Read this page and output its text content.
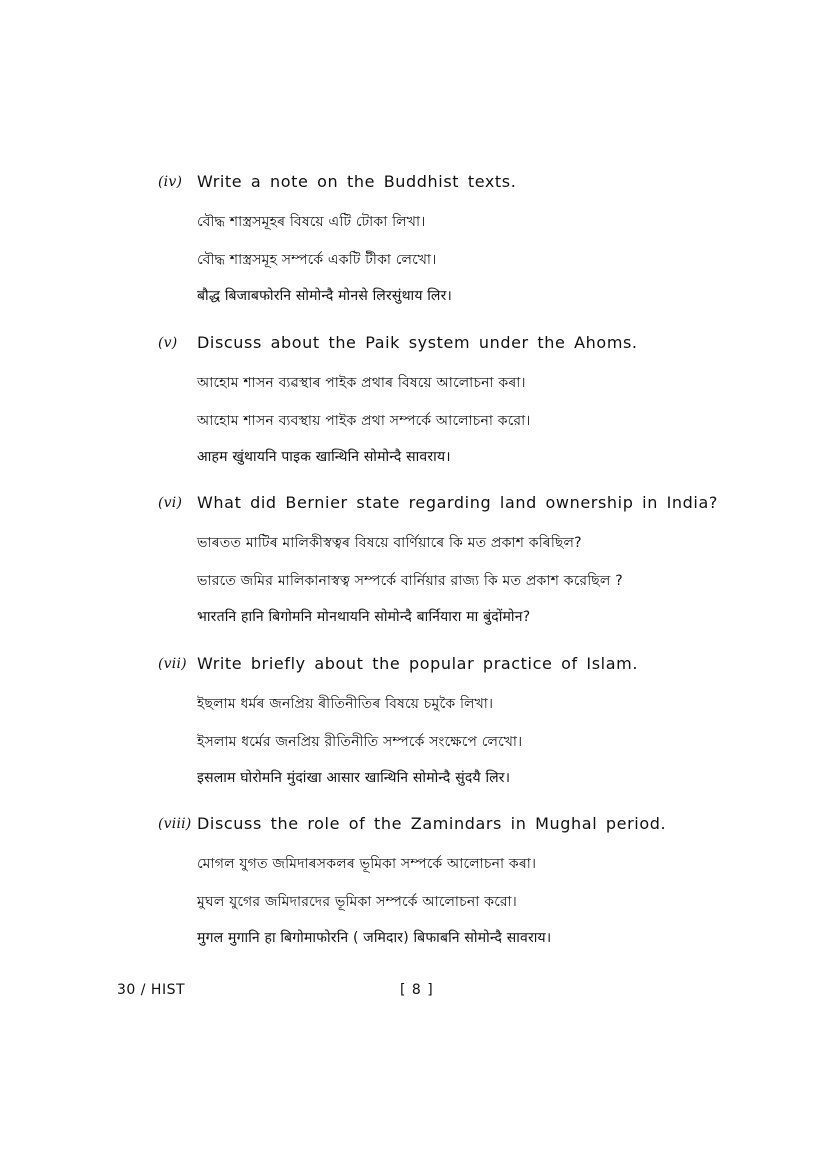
(iv) Write a note on the Buddhist texts.
বৌদ্ধ শাস্ত্ৰসমূহৰ বিষয়ে এটি টোকা লিখা।
বৌদ্ধ শাস্ত্রসমূহ সম্পর্কে একটি টীকা লেখো।
बौद्ध बिजाबफोरनि सोमोन्दै मोनसे लिरसुंथाय लिर।
(v) Discuss about the Paik system under the Ahoms.
আহোম শাসন ব্যৱস্থাৰ পাইক প্ৰথাৰ বিষয়ে আলোচনা কৰা।
আহোম শাসন ব্যবস্থায় পাইক প্রথা সম্পর্কে আলোচনা করো।
आहम खुंथायनि पाइक खान्थिनि सोमोन्दै सावराय।
(vi) What did Bernier state regarding land ownership in India?
ভাৰতত মাটিৰ মালিকীস্বত্বৰ বিষয়ে বাৰ্ণিয়াৰে কি মত প্ৰকাশ কৰিছিল?
ভারতে জমির মালিকানাস্বত্ব সম্পর্কে বার্নিয়ার রাজ্য কি মত প্রকাশ করেছিল ?
भारतनि हानि बिगोमनि मोनथायनि सोमोन्दै बार्नियारा मा बुंदोंमोन?
(vii) Write briefly about the popular practice of Islam.
ইছলাম ধৰ্মৰ জনপ্ৰিয় ৰীতিনীতিৰ বিষয়ে চমুকৈ লিখা।
ইসলাম ধর্মের জনপ্রিয় রীতিনীতি সম্পর্কে সংক্ষেপে লেখো।
इसलाम घोरोमनि मुंदांखा आसार खान्थिनि सोमोन्दै सुंदयै लिर।
(viii) Discuss the role of the Zamindars in Mughal period.
মোগল যুগত জমিদাৰসকলৰ ভূমিকা সম্পৰ্কে আলোচনা কৰা।
মুঘল যুগের জমিদারদের ভূমিকা সম্পর্কে আলোচনা করো।
मुगल मुगानि हा बिगोमाफोरनि ( जमिदार) बिफाबनि सोमोन्दै सावराय।
30 / HIST	[ 8 ]
